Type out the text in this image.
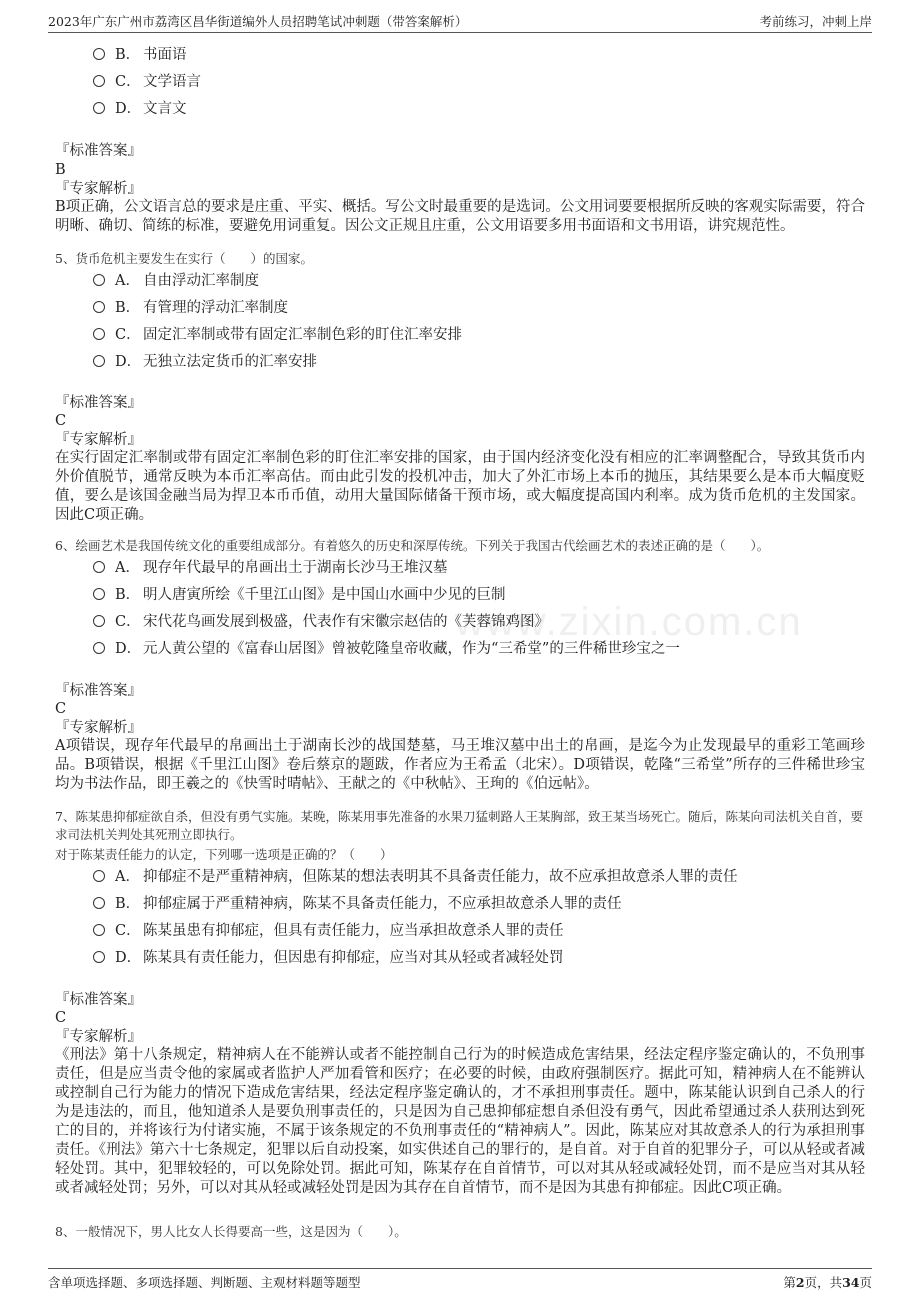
2023年广东广州市荔湾区昌华街道编外人员招聘笔试冲刺题（带答案解析）	考前练习，冲刺上岸
www.zixin.com.cn
B． 书面语
C． 文学语言
D． 文言文
『标准答案』
B
『专家解析』
B项正确，公文语言总的要求是庄重、平实、概括。写公文时最重要的是选词。公文用词要要根据所反映的客观实际需要，符合明晰、确切、简练的标准，要避免用词重复。因公文正规且庄重，公文用语要多用书面语和文书用语，讲究规范性。
5、货币危机主要发生在实行（　　）的国家。
A． 自由浮动汇率制度
B． 有管理的浮动汇率制度
C． 固定汇率制或带有固定汇率制色彩的盯住汇率安排
D． 无独立法定货币的汇率安排
『标准答案』
C
『专家解析』
在实行固定汇率制或带有固定汇率制色彩的盯住汇率安排的国家，由于国内经济变化没有相应的汇率调整配合，导致其货币内外价值脱节，通常反映为本币汇率高估。而由此引发的投机冲击，加大了外汇市场上本币的抛压，其结果要么是本币大幅度贬值，要么是该国金融当局为捍卫本币币值，动用大量国际储备干预市场，或大幅度提高国内利率。成为货币危机的主发国家。因此C项正确。
6、绘画艺术是我国传统文化的重要组成部分。有着悠久的历史和深厚传统。下列关于我国古代绘画艺术的表述正确的是（　　）。
A． 现存年代最早的帛画出土于湖南长沙马王堆汉墓
B． 明人唐寅所绘《千里江山图》是中国山水画中少见的巨制
C． 宋代花鸟画发展到极盛，代表作有宋徽宗赵佶的《芙蓉锦鸡图》
D． 元人黄公望的《富春山居图》曾被乾隆皇帝收藏，作为“三希堂”的三件稀世珍宝之一
『标准答案』
C
『专家解析』
A项错误，现存年代最早的帛画出土于湖南长沙的战国楚墓，马王堆汉墓中出土的帛画，是迄今为止发现最早的重彩工笔画珍品。B项错误，根据《千里江山图》卷后蔡京的题跋，作者应为王希孟（北宋）。D项错误，乾隆“三希堂”所存的三件稀世珍宝均为书法作品，即王羲之的《快雪时晴帖》、王献之的《中秋帖》、王珣的《伯远帖》。
7、陈某患抑郁症欲自杀，但没有勇气实施。某晚，陈某用事先准备的水果刀猛刺路人王某胸部，致王某当场死亡。随后，陈某向司法机关自首，要求司法机关判处其死刑立即执行。
对于陈某责任能力的认定，下列哪一选项是正确的？（　　）
A． 抑郁症不是严重精神病，但陈某的想法表明其不具备责任能力，故不应承担故意杀人罪的责任
B． 抑郁症属于严重精神病，陈某不具备责任能力，不应承担故意杀人罪的责任
C． 陈某虽患有抑郁症，但具有责任能力，应当承担故意杀人罪的责任
D． 陈某具有责任能力，但因患有抑郁症，应当对其从轻或者减轻处罚
『标准答案』
C
『专家解析』
《刑法》第十八条规定，精神病人在不能辨认或者不能控制自己行为的时候造成危害结果，经法定程序鉴定确认的，不负刑事责任，但是应当责令他的家属或者监护人严加看管和医疗；在必要的时候，由政府强制医疗。据此可知，精神病人在不能辨认或控制自己行为能力的情况下造成危害结果，经法定程序鉴定确认的，才不承担刑事责任。题中，陈某能认识到自己杀人的行为是违法的，而且，他知道杀人是要负刑事责任的，只是因为自己患抑郁症想自杀但没有勇气，因此希望通过杀人获刑达到死亡的目的，并将该行为付诸实施，不属于该条规定的不负刑事责任的“精神病人”。因此，陈某应对其故意杀人的行为承担刑事责任。《刑法》第六十七条规定，犯罪以后自动投案，如实供述自己的罪行的，是自首。对于自首的犯罪分子，可以从轻或者减轻处罚。其中，犯罪较轻的，可以免除处罚。据此可知，陈某存在自首情节，可以对其从轻或减轻处罚，而不是应当对其从轻或者减轻处罚；另外，可以对其从轻或减轻处罚是因为其存在自首情节，而不是因为其患有抑郁症。因此C项正确。
8、一般情况下，男人比女人长得要高一些，这是因为（　　）。
含单项选择题、多项选择题、判断题、主观材料题等题型	第2页，共34页
